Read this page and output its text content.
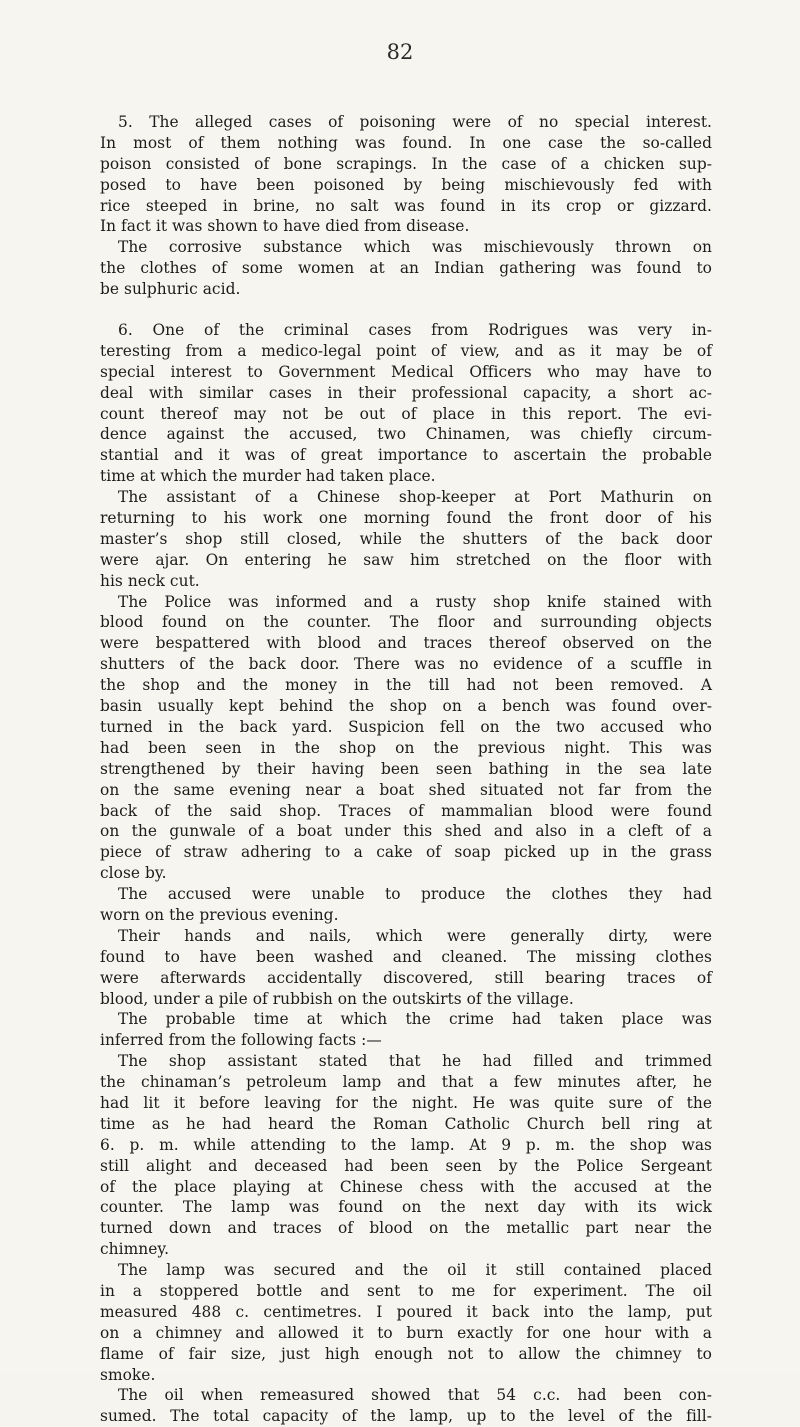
82
5. The alleged cases of poisoning were of no special interest.
In most of them nothing was found. In one case the so-called
poison consisted of bone scrapings. In the case of a chicken sup-
posed to have been poisoned by being mischievously fed with
rice steeped in brine, no salt was found in its crop or gizzard.
In fact it was shown to have died from disease.
The corrosive substance which was mischievously thrown on
the clothes of some women at an Indian gathering was found to
be sulphuric acid.
6. One of the criminal cases from Rodrigues was very in-
teresting from a medico-legal point of view, and as it may be of
special interest to Government Medical Officers who may have to
deal with similar cases in their professional capacity, a short ac-
count thereof may not be out of place in this report. The evi-
dence against the accused, two Chinamen, was chiefly circum-
stantial and it was of great importance to ascertain the probable
time at which the murder had taken place.
The assistant of a Chinese shop-keeper at Port Mathurin on
returning to his work one morning found the front door of his
master’s shop still closed, while the shutters of the back door
were ajar. On entering he saw him stretched on the floor with
his neck cut.
The Police was informed and a rusty shop knife stained with
blood found on the counter. The floor and surrounding objects
were bespattered with blood and traces thereof observed on the
shutters of the back door. There was no evidence of a scuffle in
the shop and the money in the till had not been removed. A
basin usually kept behind the shop on a bench was found over-
turned in the back yard. Suspicion fell on the two accused who
had been seen in the shop on the previous night. This was
strengthened by their having been seen bathing in the sea late
on the same evening near a boat shed situated not far from the
back of the said shop. Traces of mammalian blood were found
on the gunwale of a boat under this shed and also in a cleft of a
piece of straw adhering to a cake of soap picked up in the grass
close by.
The accused were unable to produce the clothes they had
worn on the previous evening.
Their hands and nails, which were generally dirty, were
found to have been washed and cleaned. The missing clothes
were afterwards accidentally discovered, still bearing traces of
blood, under a pile of rubbish on the outskirts of the village.
The probable time at which the crime had taken place was
inferred from the following facts :—
The shop assistant stated that he had filled and trimmed
the chinaman’s petroleum lamp and that a few minutes after, he
had lit it before leaving for the night. He was quite sure of the
time as he had heard the Roman Catholic Church bell ring at
6. p. m. while attending to the lamp. At 9 p. m. the shop was
still alight and deceased had been seen by the Police Sergeant
of the place playing at Chinese chess with the accused at the
counter. The lamp was found on the next day with its wick
turned down and traces of blood on the metallic part near the
chimney.
The lamp was secured and the oil it still contained placed
in a stoppered bottle and sent to me for experiment. The oil
measured 488 c. centimetres. I poured it back into the lamp, put
on a chimney and allowed it to burn exactly for one hour with a
flame of fair size, just high enough not to allow the chimney to
smoke.
The oil when remeasured showed that 54 c.c. had been con-
sumed. The total capacity of the lamp, up to the level of the fill-
